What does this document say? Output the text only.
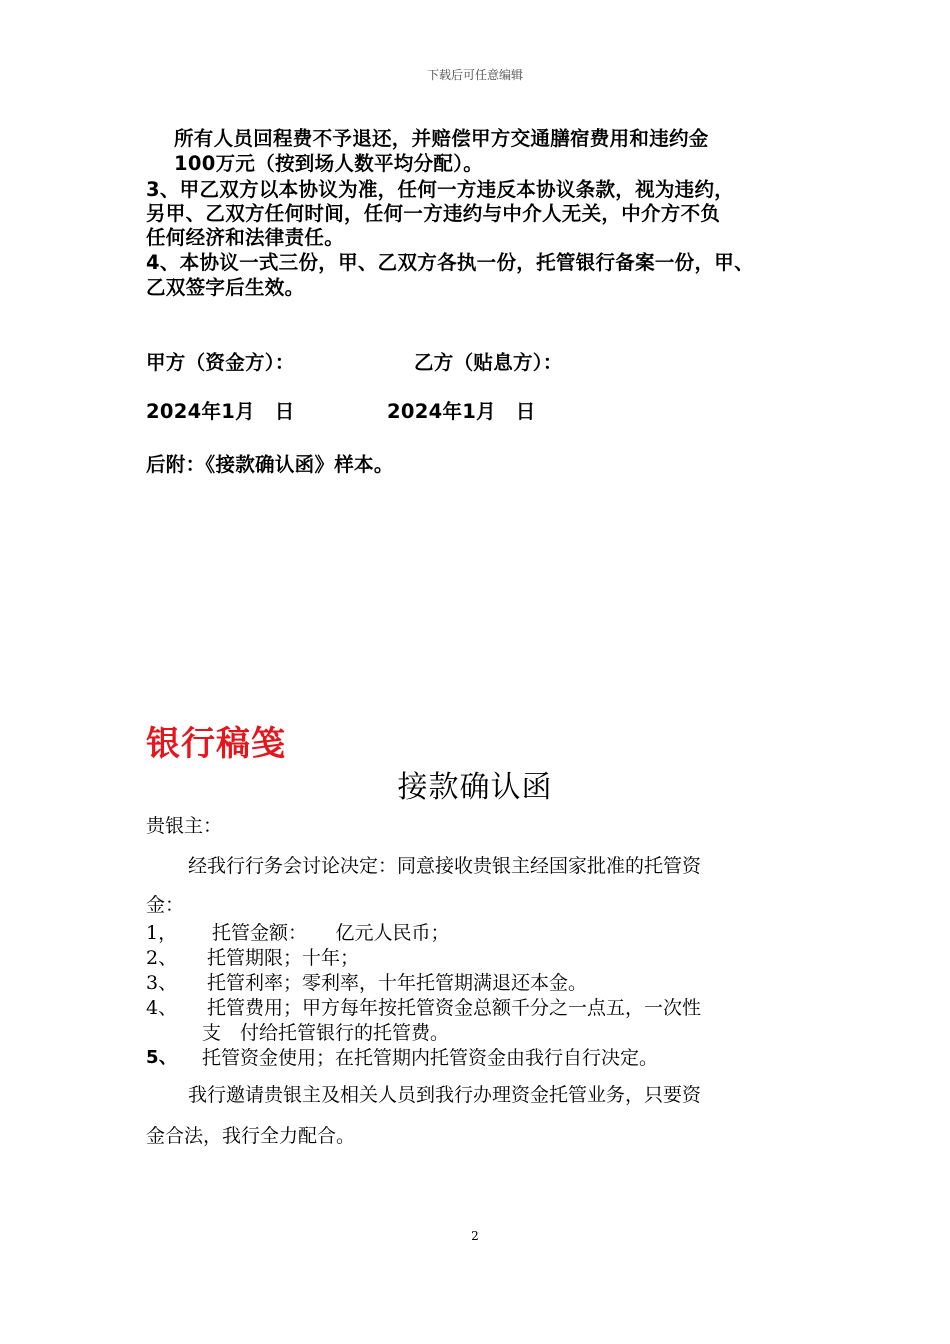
下载后可任意编辑
所有人员回程费不予退还，并赔偿甲方交通膳宿费用和违约金
100万元（按到场人数平均分配）。
3、甲乙双方以本协议为准，任何一方违反本协议条款，视为违约，
另甲、乙双方任何时间，任何一方违约与中介人无关，中介方不负
任何经济和法律责任。
4、本协议一式三份，甲、乙双方各执一份，托管银行备案一份，甲、
乙双签字后生效。
甲方（资金方）：	乙方（贴息方）：
2024年1月　日	2024年1月　日
后附：《接款确认函》样本。
银行稿笺
接款确认函
贵银主：
经我行行务会讨论决定：同意接收贵银主经国家批准的托管资
金：
1， 托管金额：　　亿元人民币；
2、 托管期限；十年；
3、 托管利率；零利率，十年托管期满退还本金。
4、 托管费用；甲方每年按托管资金总额千分之一点五，一次性
支　付给托管银行的托管费。
5、 托管资金使用；在托管期内托管资金由我行自行决定。
我行邀请贵银主及相关人员到我行办理资金托管业务，只要资
金合法，我行全力配合。
2
